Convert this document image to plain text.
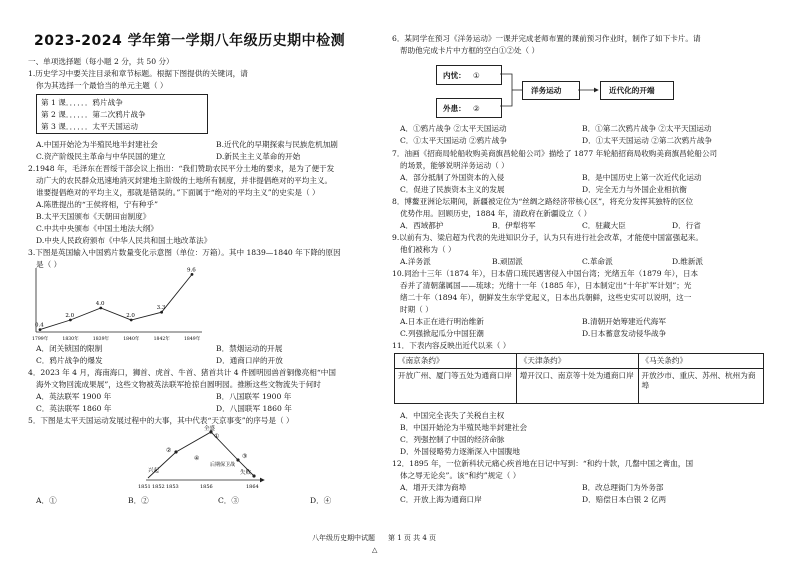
2023-2024 学年第一学期八年级历史期中检测
一、单项选择题（每小题 2 分，共 50 分）
1.历史学习中要关注目录和章节标题。根据下图提供的关键词，请
你为其选择一个最恰当的单元主题（ ）
第 1 课．．．．．．鸦片战争
第 2 课．．．．．．第二次鸦片战争
第 3 课．．．．．．太平天国运动
A.中国开始沦为半殖民地半封建社会	B.近代化的早期探索与民族危机加剧
C.资产阶级民主革命与中华民国的建立	D.新民主主义革命的开始
2.1948 年，毛泽东在晋绥干部会议上指出：“我们赞助农民平分土地的要求，是为了便于发
动广大的农民群众迅速地消灭封建地主阶级的土地所有制度，并非提倡绝对的平均主义。
谁要提倡绝对的平均主义，那就是错误的。”下面属于“绝对的平均主义”的史实是（ ）
A.陈胜提出的“王侯将相，宁有种乎”
B.太平天国颁布《天朝田亩制度》
C.中共中央颁布《中国土地法大纲》
D.中央人民政府颁布《中华人民共和国土地改革法》
3.下图是英国输入中国鸦片数量变化示意图（单位：万箱）。其中 1839—1840 年下降的原因
是（ ）
0.4
2.0
4.0
2.0
3.3
9.6
1799年	1830年	1839年	1840年	1842年	1849年
A．闭关锁国的限制	B．禁烟运动的开展
C．鸦片战争的爆发	D．通商口岸的开放
4．2023 年 4 月，海南海口，狮首、虎首、牛首、猪首共计 4 件圆明园兽首铜像亮相“中国
海外文物回流成果展”，这些文物被英法联军抢掠自圆明园。推断这些文物流失于何时
A．英法联军 1900 年	B．八国联军 1900 年
C．英法联军 1860 年	D．八国联军 1860 年
5．下图是太平天国运动发展过程中的大事，其中代表“天京事变”的序号是（ ）
全盛
①
②
③
④
后期保卫战
兴起	失败
1851 1852 1853	1856	1864
A．①	B．②	C．③	D．④
6．某同学在预习《洋务运动》一课并完成老师布置的课前预习作业时，制作了如下卡片。请
帮助他完成卡片中方框的空白①②处（ ）
内忧： ①
外患： ②
洋务运动	近代化的开端
A．①鸦片战争 ②太平天国运动	B．①第二次鸦片战争 ②太平天国运动
C．①太平天国运动 ②鸦片战争	D．①太平天国运动 ②第二次鸦片战争
7．油画《招商局轮船收购美商旗昌轮船公司》描绘了 1877 年轮船招商局收购美商旗昌轮船公司
的场景，能够说明洋务运动（ ）
A．部分抵制了外国资本的入侵	B．是中国历史上第一次近代化运动
C．促进了民族资本主义的发展	D．完全无力与外国企业相抗衡
8．博鳌亚洲论坛期间，新疆被定位为“丝绸之路经济带核心区”，将充分发挥其独特的区位
优势作用。回顾历史，1884 年，清政府在新疆设立（ ）
A．西域都护	B．伊犁将军	C．驻藏大臣	D．行省
9.以前有为、梁启超为代表的先进知识分子，认为只有进行社会改革，才能使中国富强起来。
他们被称为（ ）
A.洋务派	B.顽固派	C.革命派	D.维新派
10.同治十三年（1874 年），日本借口琉民遇害侵入中国台湾；光绪五年（1879 年），日本
吞并了清朝藩属国——琉球；光绪十一年（1885 年），日本制定出“十年扩军计划”；光
绪二十年（1894 年），朝鲜发生东学党起义，日本出兵朝鲜，这些史实可以说明，这一
时期（ ）
A.日本正在进行明治维新	B.清朝开始筹建近代海军
C.列强掀起瓜分中国狂潮	D.日本蓄意发动侵华战争
11．下表内容反映出近代以来（ ）
《南京条约》	《天津条约》	《马关条约》
开放广州、厦门等五处为通商口岸	增开汉口、南京等十处为通商口岸	开放沙市、重庆、苏州、杭州为商埠
A．中国完全丧失了关税自主权
B．中国开始沦为半殖民地半封建社会
C．列强控制了中国的经济命脉
D．外国侵略势力逐渐深入中国腹地
12．1895 年，一位新科状元痛心疾首地在日记中写到：“和约十款，几罄中国之膏血，国
体之辱无论矣”。该“和约”规定（ ）
A．增开天津为商埠	B．改总理衙门为外务部
C．开放上海为通商口岸	D．赔偿日本白银 2 亿两
八年级历史期中试题 第 1 页 共 4 页
△
